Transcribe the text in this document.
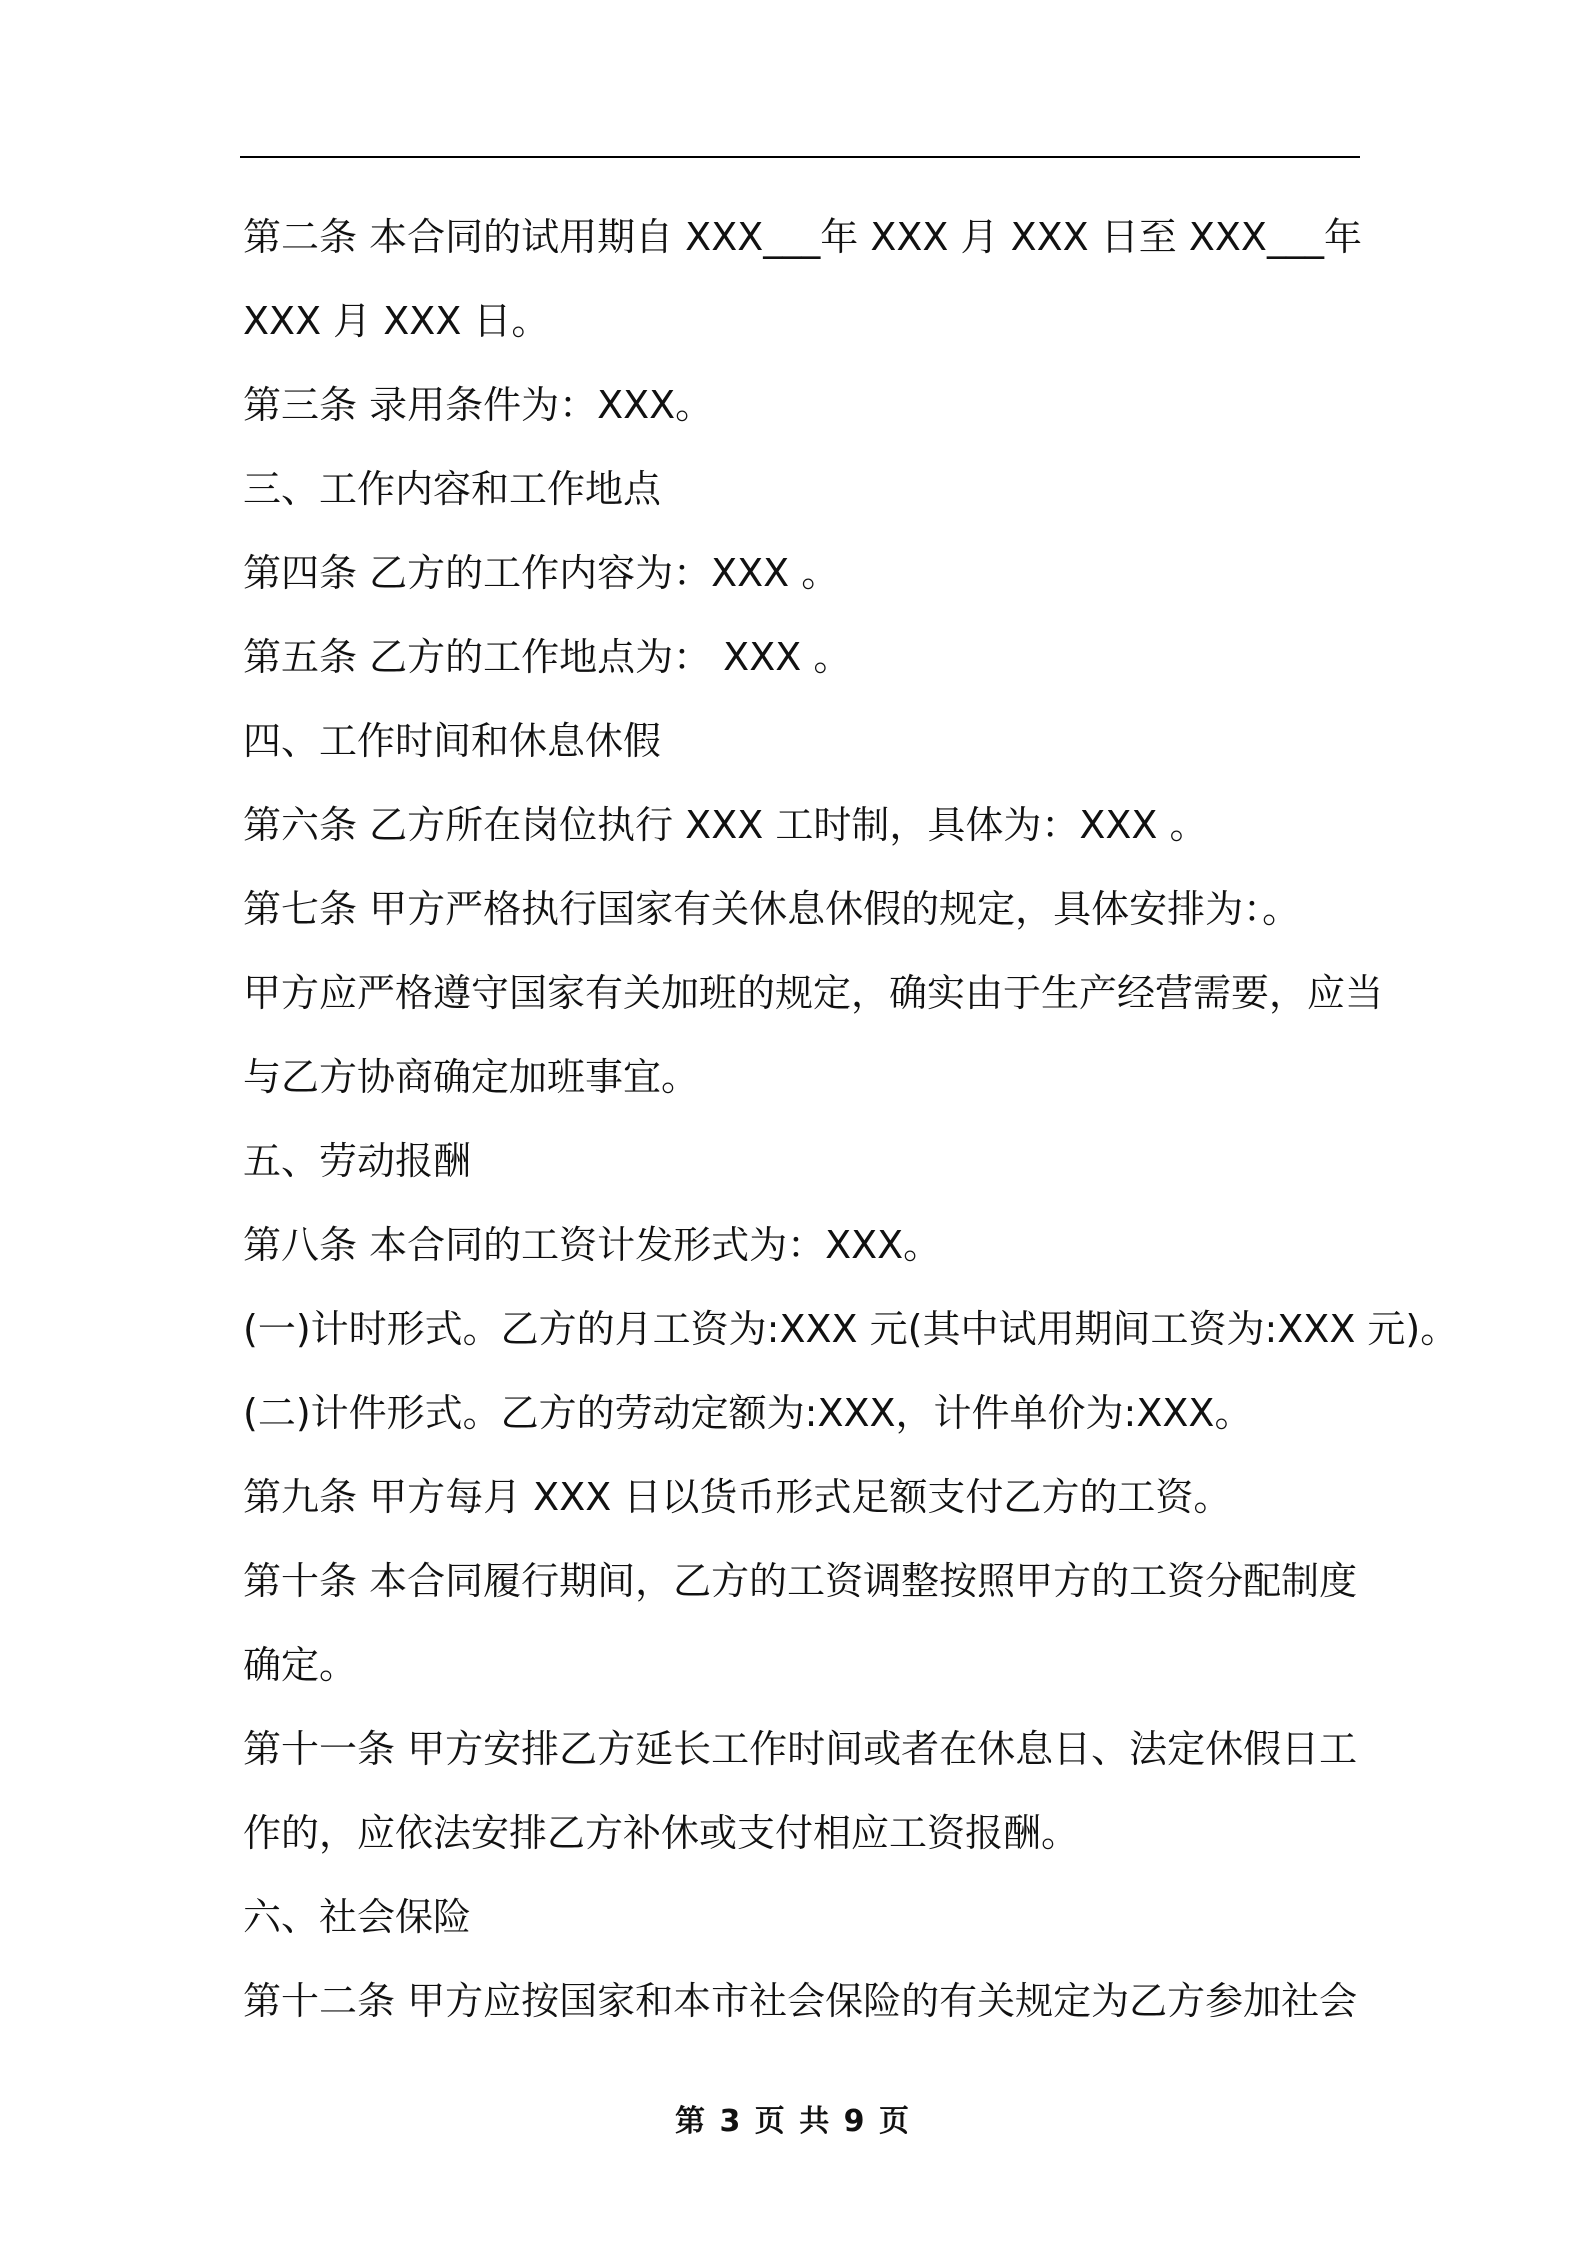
第二条 本合同的试用期自 XXX___年 XXX 月 XXX 日至 XXX___年
XXX 月 XXX 日。
第三条 录用条件为：XXX。
三、工作内容和工作地点
第四条 乙方的工作内容为：XXX 。
第五条 乙方的工作地点为： XXX 。
四、工作时间和休息休假
第六条 乙方所在岗位执行 XXX 工时制，具体为：XXX 。
第七条 甲方严格执行国家有关休息休假的规定，具体安排为：。
甲方应严格遵守国家有关加班的规定，确实由于生产经营需要，应当
与乙方协商确定加班事宜。
五、劳动报酬
第八条 本合同的工资计发形式为：XXX。
(一)计时形式。乙方的月工资为:XXX 元(其中试用期间工资为:XXX 元)。
(二)计件形式。乙方的劳动定额为:XXX，计件单价为:XXX。
第九条 甲方每月 XXX 日以货币形式足额支付乙方的工资。
第十条 本合同履行期间，乙方的工资调整按照甲方的工资分配制度
确定。
第十一条 甲方安排乙方延长工作时间或者在休息日、法定休假日工
作的，应依法安排乙方补休或支付相应工资报酬。
六、社会保险
第十二条 甲方应按国家和本市社会保险的有关规定为乙方参加社会
第 3 页 共 9 页
